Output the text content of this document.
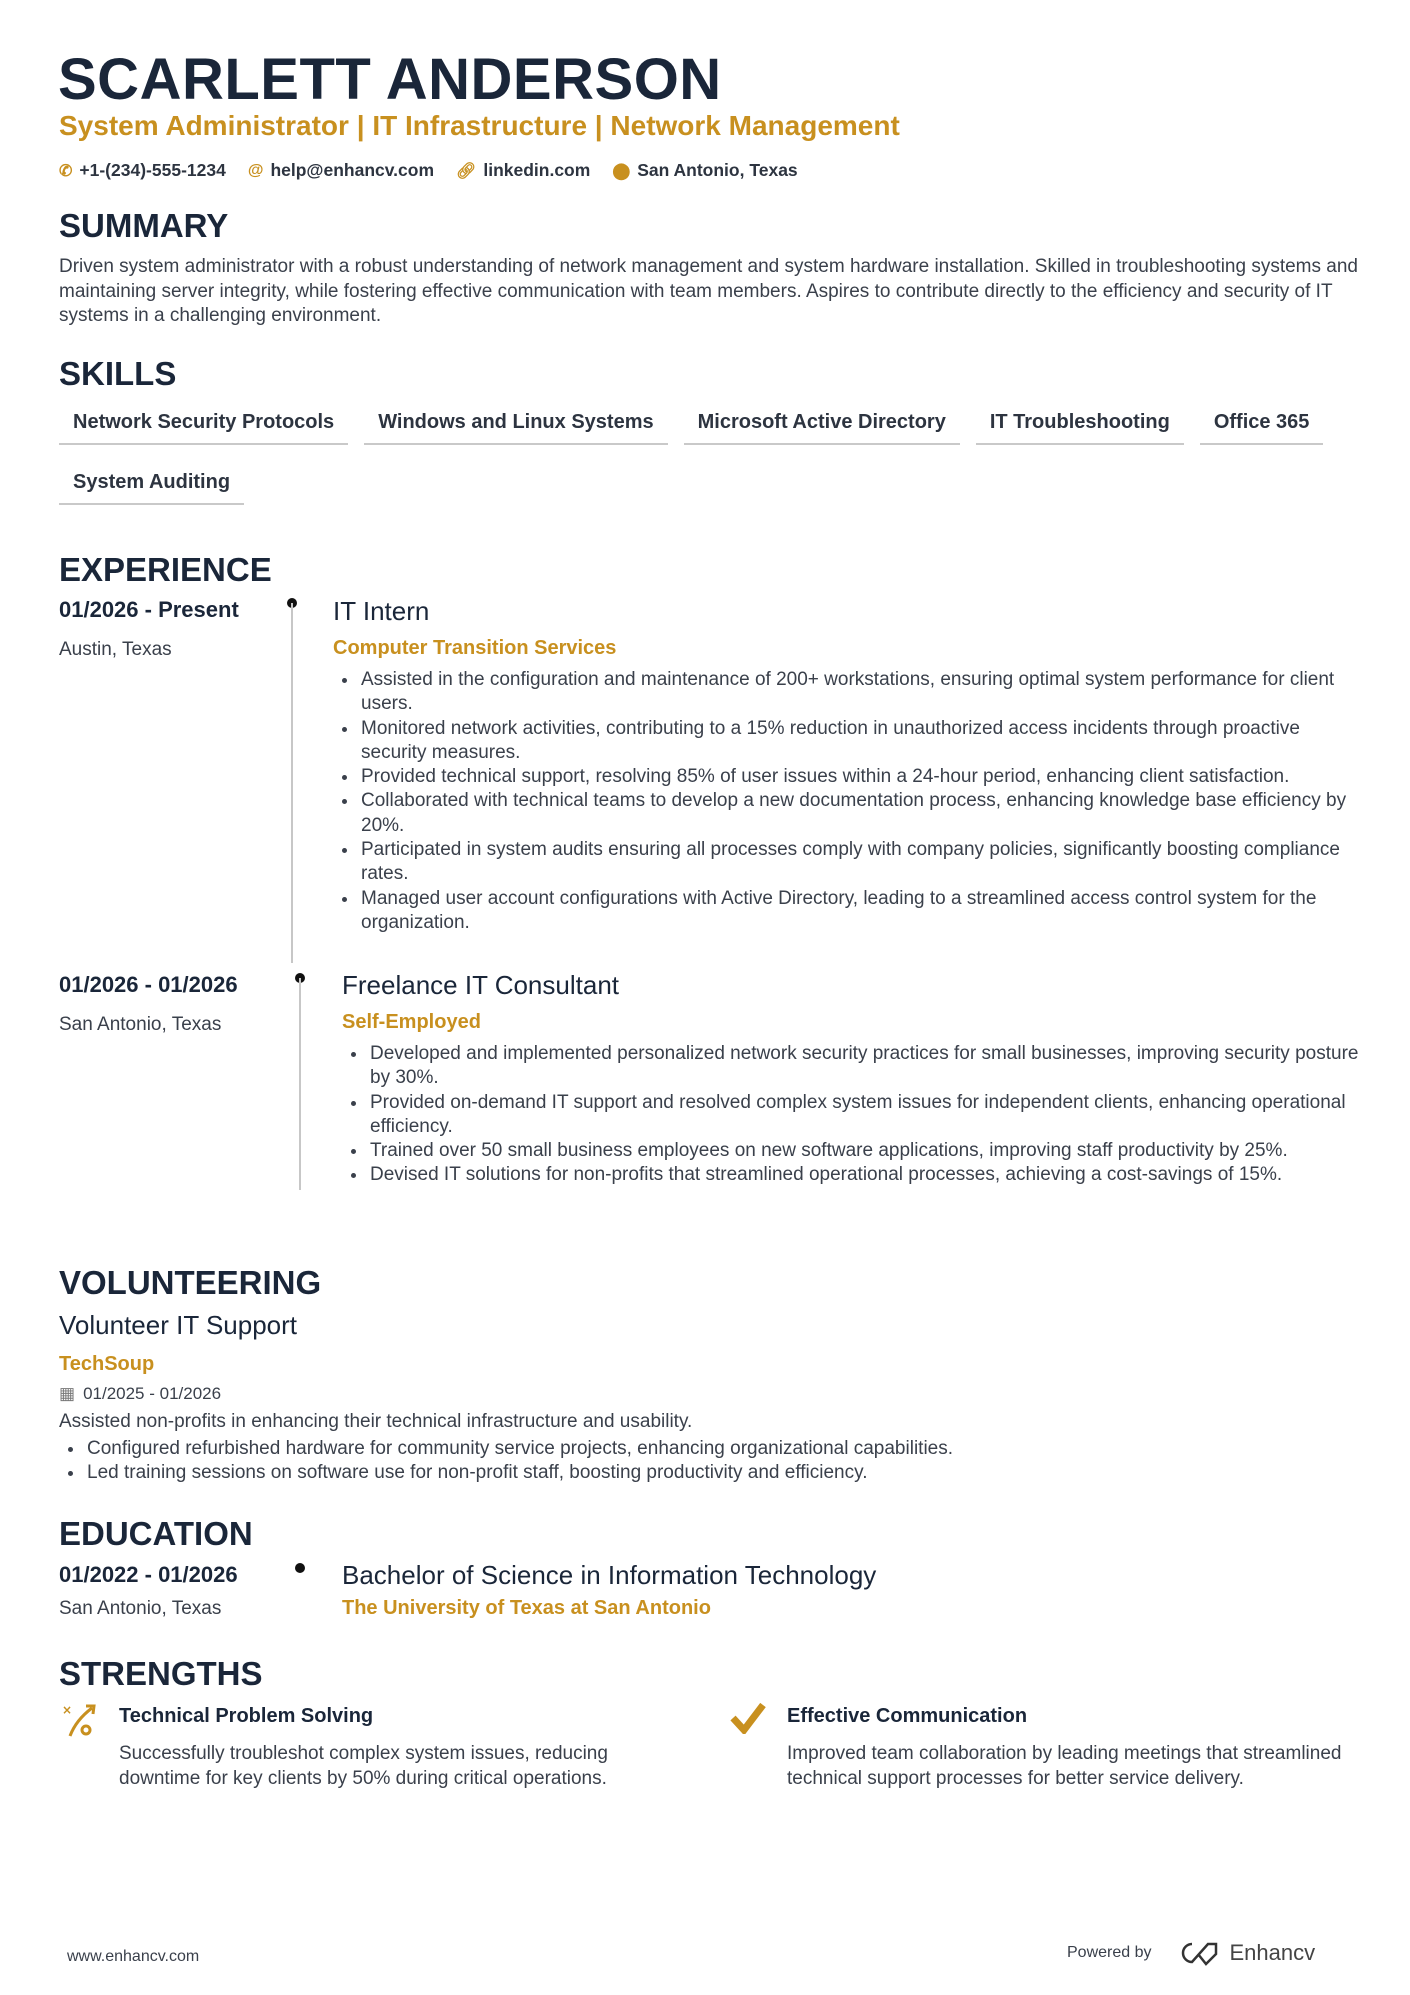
SCARLETT ANDERSON
System Administrator | IT Infrastructure | Network Management
✆ +1-(234)-555-1234 @ help@enhancv.com 🔗︎ linkedin.com ⬤ San Antonio, Texas
SUMMARY
Driven system administrator with a robust understanding of network management and system hardware installation. Skilled in troubleshooting systems and maintaining server integrity, while fostering effective communication with team members. Aspires to contribute directly to the efficiency and security of IT systems in a challenging environment.
SKILLS
Network Security Protocols	Windows and Linux Systems	Microsoft Active Directory	IT Troubleshooting	Office 365
System Auditing
EXPERIENCE
01/2026 - Present
Austin, Texas
IT Intern
Computer Transition Services
Assisted in the configuration and maintenance of 200+ workstations, ensuring optimal system performance for client users.
Monitored network activities, contributing to a 15% reduction in unauthorized access incidents through proactive security measures.
Provided technical support, resolving 85% of user issues within a 24-hour period, enhancing client satisfaction.
Collaborated with technical teams to develop a new documentation process, enhancing knowledge base efficiency by 20%.
Participated in system audits ensuring all processes comply with company policies, significantly boosting compliance rates.
Managed user account configurations with Active Directory, leading to a streamlined access control system for the organization.
01/2026 - 01/2026
San Antonio, Texas
Freelance IT Consultant
Self-Employed
Developed and implemented personalized network security practices for small businesses, improving security posture by 30%.
Provided on-demand IT support and resolved complex system issues for independent clients, enhancing operational efficiency.
Trained over 50 small business employees on new software applications, improving staff productivity by 25%.
Devised IT solutions for non-profits that streamlined operational processes, achieving a cost-savings of 15%.
VOLUNTEERING
Volunteer IT Support
TechSoup
▦ 01/2025 - 01/2026
Assisted non-profits in enhancing their technical infrastructure and usability.
Configured refurbished hardware for community service projects, enhancing organizational capabilities.
Led training sessions on software use for non-profit staff, boosting productivity and efficiency.
EDUCATION
01/2022 - 01/2026
San Antonio, Texas
Bachelor of Science in Information Technology
The University of Texas at San Antonio
STRENGTHS
× Technical Problem Solving
Successfully troubleshot complex system issues, reducing downtime for key clients by 50% during critical operations.
Effective Communication
Improved team collaboration by leading meetings that streamlined technical support processes for better service delivery.
www.enhancv.com	Powered by	Enhancv
